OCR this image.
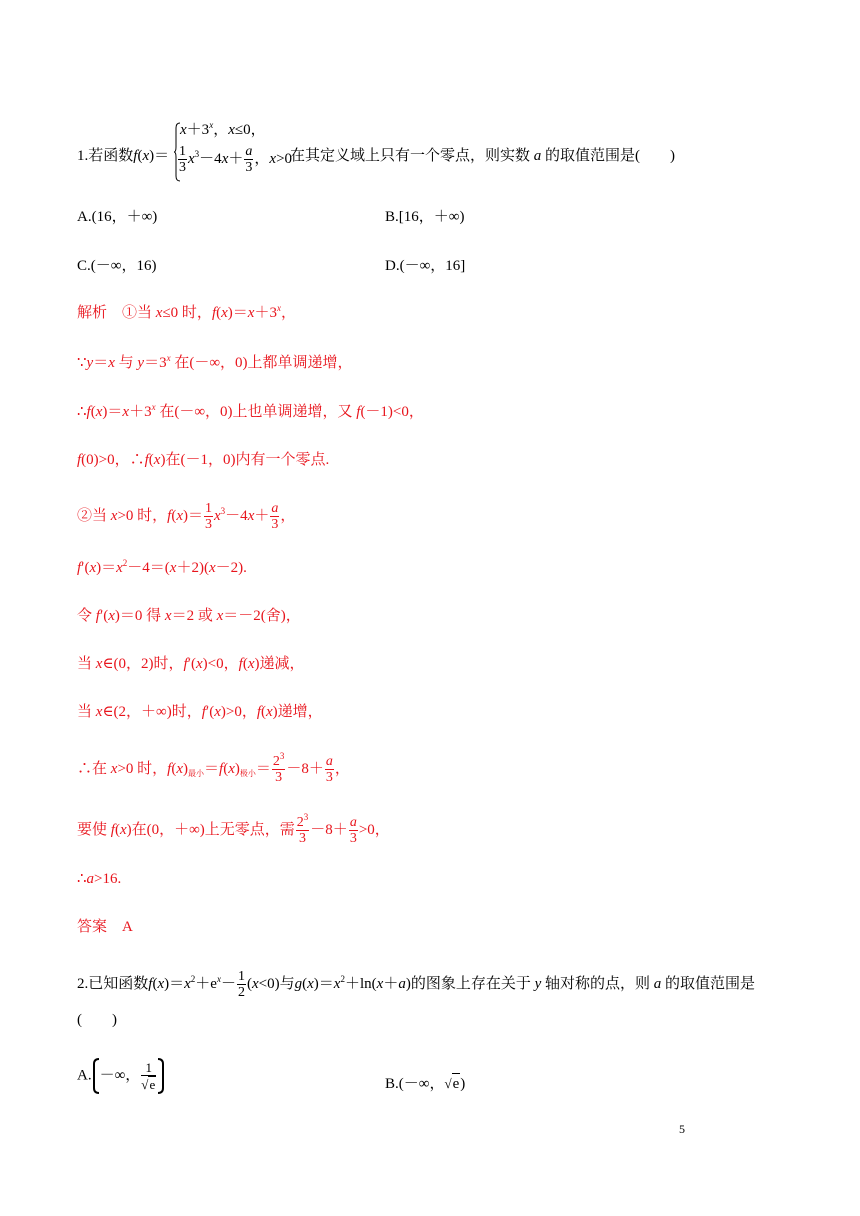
1.若函数f(x)＝
$x+3^x$，x≤0，
$\frac{1}{3} x^3-4x+ \frac{a}{3}$ ，x>0
在其定义域上只有一个零点，则实数 a 的取值范围是(　　)
A.(16，＋∞)	B.[16，＋∞)
C.(－∞，16)	D.(－∞，16]
解析　①当 x≤0 时，$f(x)=x+3^x$，
∵y＝x 与 $y=3^x$ 在(－∞，0)上都单调递增，
$\therefore f(x)=x+3^x$ 在(－∞，0)上也单调递增，又 f(－1)<0，
f(0)>0，∴f(x)在(－1，0)内有一个零点.
②当 x>0 时，$f(x)= \frac{1}{3} x^3-4x+ \frac{a}{3}$ ，
$f'(x)=x^2-4=(x+2)(x-2)$.
令 f′(x)＝0 得 x＝2 或 x＝－2(舍)，
当 x∈(0，2)时，f′(x)<0，f(x)递减，
当 x∈(2，＋∞)时，f′(x)>0，f(x)递增，
∴在 x>0 时，$f(x)_{最小}=f(x)_{极小}= \frac{2^3}{3} -8+ \frac{a}{3}$ ，
要使 f(x)在(0，＋∞)上无零点，需 $\frac{2^3}{3} -8+ \frac{a}{3} >0$，
∴a>16.
答案　 A
2.已知函数$f(x)=x^2+e^x- \frac{1}{2} (x<0)$与$g(x)=x^2+\ln(x+a)$的图象上存在关于 y 轴对称的点，则 a 的取值范围是
(　　)
A. －∞， $\frac{1}{√e}$	B.(－∞，√e)
5
